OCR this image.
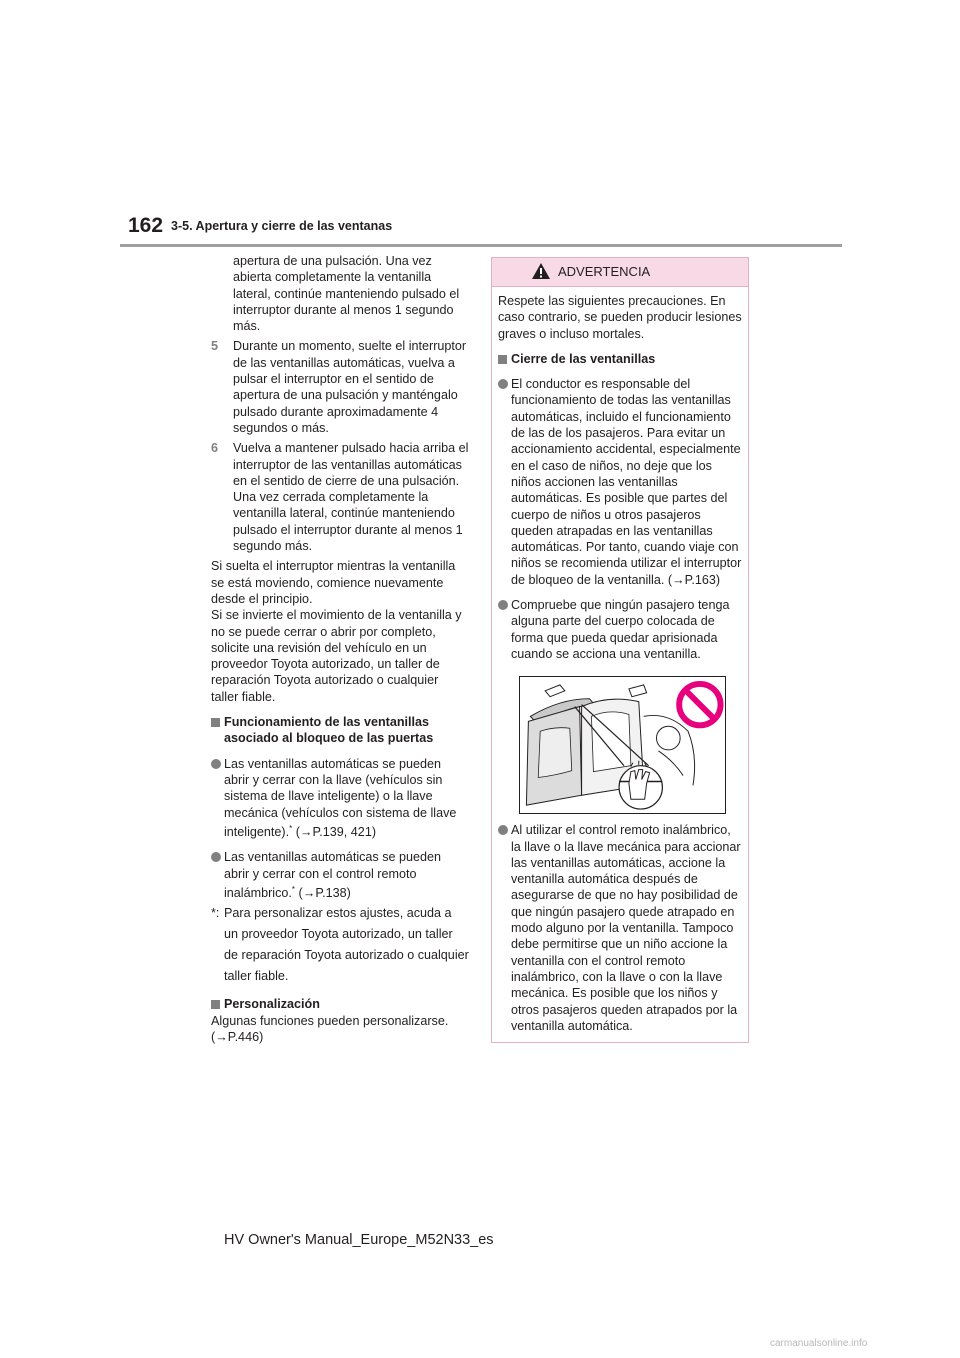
162 3-5. Apertura y cierre de las ventanas

apertura de una pulsación. Una vez abierta completamente la ventanilla lateral, continúe manteniendo pulsado el interruptor durante al menos 1 segundo más.

5 Durante un momento, suelte el interruptor de las ventanillas automáticas, vuelva a pulsar el interruptor en el sentido de apertura de una pulsación y manténgalo pulsado durante aproximadamente 4 segundos o más.

6 Vuelva a mantener pulsado hacia arriba el interruptor de las ventanillas automáticas en el sentido de cierre de una pulsación. Una vez cerrada completamente la ventanilla lateral, continúe manteniendo pulsado el interruptor durante al menos 1 segundo más.

Si suelta el interruptor mientras la ventanilla se está moviendo, comience nuevamente desde el principio.

Si se invierte el movimiento de la ventanilla y no se puede cerrar o abrir por completo, solicite una revisión del vehículo en un proveedor Toyota autorizado, un taller de reparación Toyota autorizado o cualquier taller fiable.

Funcionamiento de las ventanillas asociado al bloqueo de las puertas

Las ventanillas automáticas se pueden abrir y cerrar con la llave (vehículos sin sistema de llave inteligente) o la llave mecánica (vehículos con sistema de llave inteligente).* (→P.139, 421)

Las ventanillas automáticas se pueden abrir y cerrar con el control remoto inalámbrico.* (→P.138)

*: Para personalizar estos ajustes, acuda a un proveedor Toyota autorizado, un taller de reparación Toyota autorizado o cualquier taller fiable.

Personalización

Algunas funciones pueden personalizarse. (→P.446)

ADVERTENCIA

Respete las siguientes precauciones. En caso contrario, se pueden producir lesiones graves o incluso mortales.

Cierre de las ventanillas

El conductor es responsable del funcionamiento de todas las ventanillas automáticas, incluido el funcionamiento de las de los pasajeros. Para evitar un accionamiento accidental, especialmente en el caso de niños, no deje que los niños accionen las ventanillas automáticas. Es posible que partes del cuerpo de niños u otros pasajeros queden atrapadas en las ventanillas automáticas. Por tanto, cuando viaje con niños se recomienda utilizar el interruptor de bloqueo de la ventanilla. (→P.163)

Compruebe que ningún pasajero tenga alguna parte del cuerpo colocada de forma que pueda quedar aprisionada cuando se acciona una ventanilla.

Al utilizar el control remoto inalámbrico, la llave o la llave mecánica para accionar las ventanillas automáticas, accione la ventanilla automática después de asegurarse de que no hay posibilidad de que ningún pasajero quede atrapado en modo alguno por la ventanilla. Tampoco debe permitirse que un niño accione la ventanilla con el control remoto inalámbrico, con la llave o con la llave mecánica. Es posible que los niños y otros pasajeros queden atrapados por la ventanilla automática.

HV Owner's Manual_Europe_M52N33_es
carmanualsonline.info
